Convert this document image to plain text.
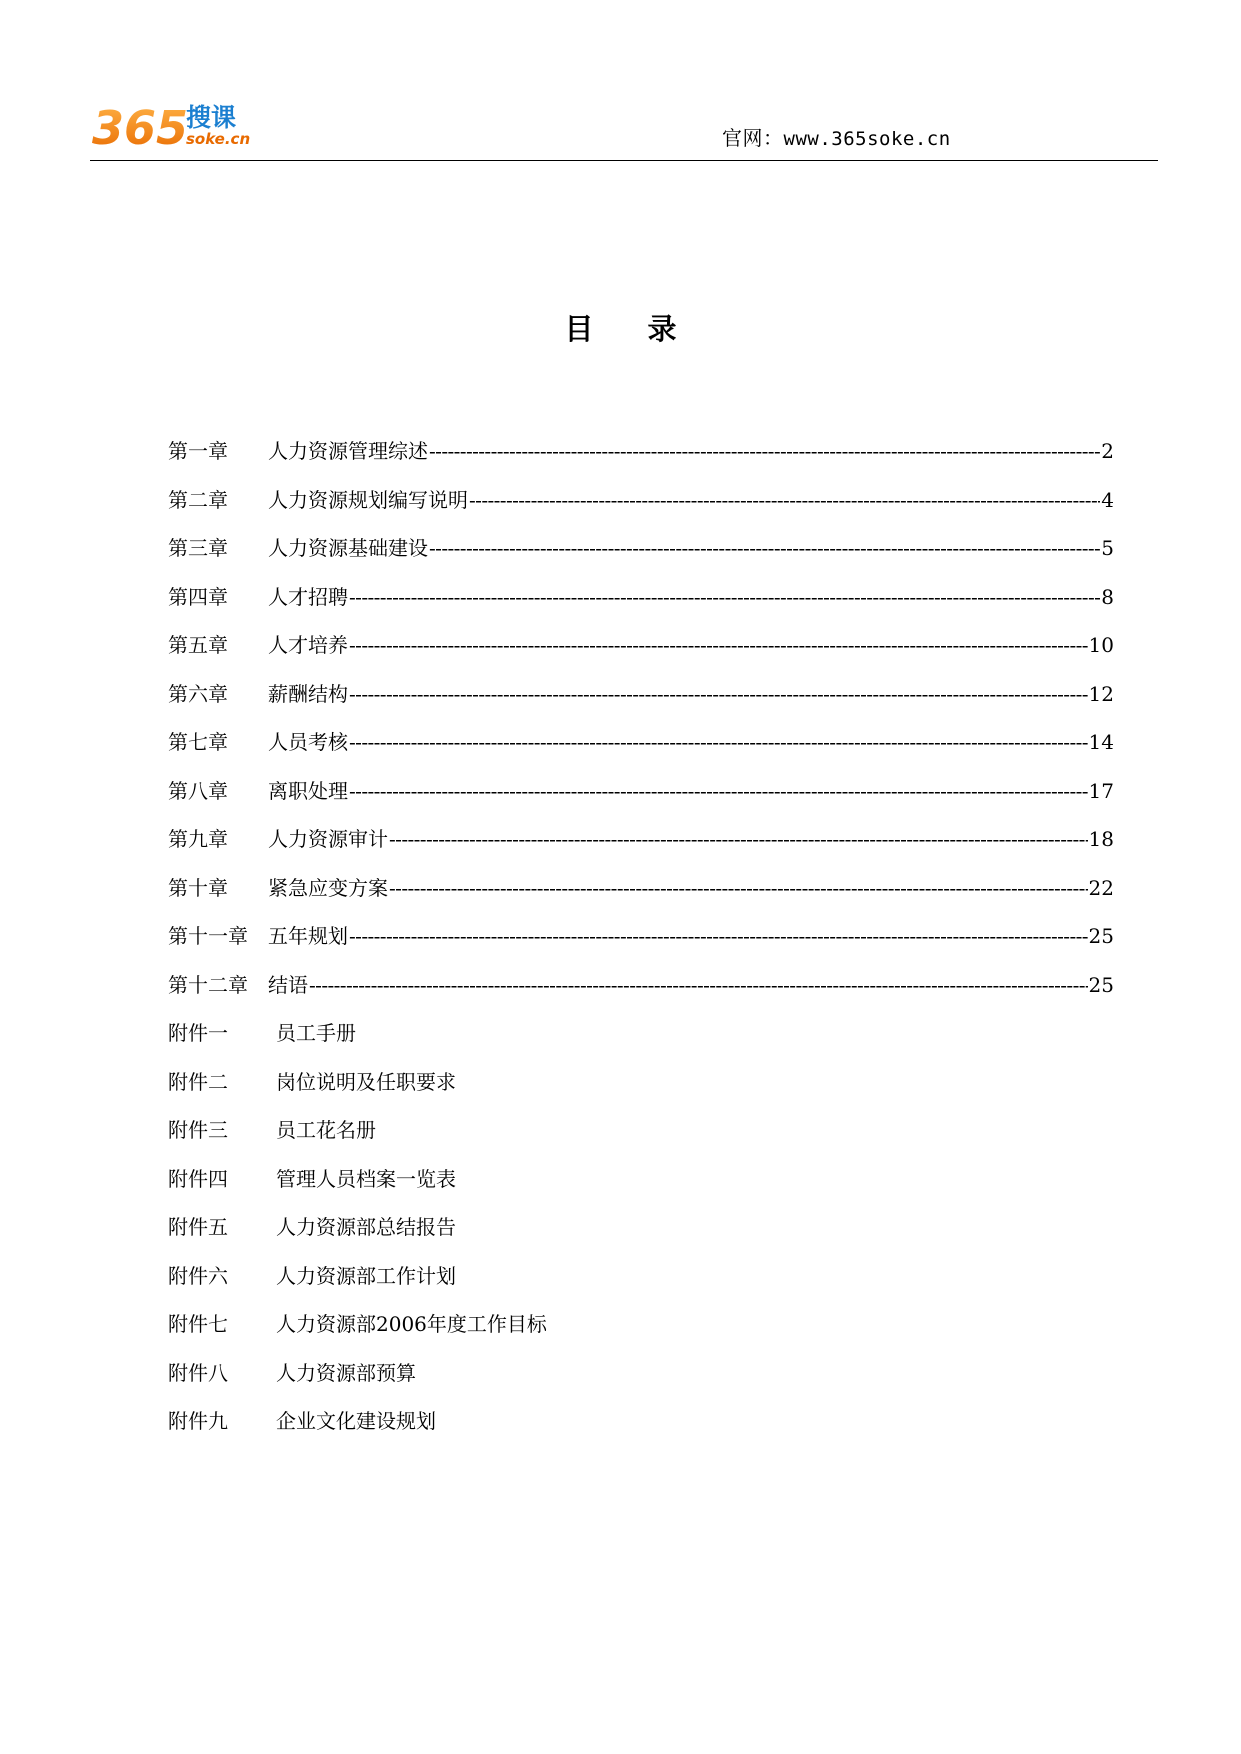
365
搜课
soke.cn	官网：www.365soke.cn
目 录
第一章	人力资源管理综述 -----	2
第二章	人力资源规划编写说明 -----	4
第三章	人力资源基础建设 -----	5
第四章	人才招聘 -----	8
第五章	人才培养 -----	10
第六章	薪酬结构 -----	12
第七章	人员考核 -----	14
第八章	离职处理 -----	17
第九章	人力资源审计 -----	18
第十章	紧急应变方案 -----	22
第十一章	五年规划 -----	25
第十二章	结语 -----	25
附件一 员工手册
附件二 岗位说明及任职要求
附件三 员工花名册
附件四 管理人员档案一览表
附件五 人力资源部总结报告
附件六 人力资源部工作计划
附件七 人力资源部2006年度工作目标
附件八 人力资源部预算
附件九 企业文化建设规划
